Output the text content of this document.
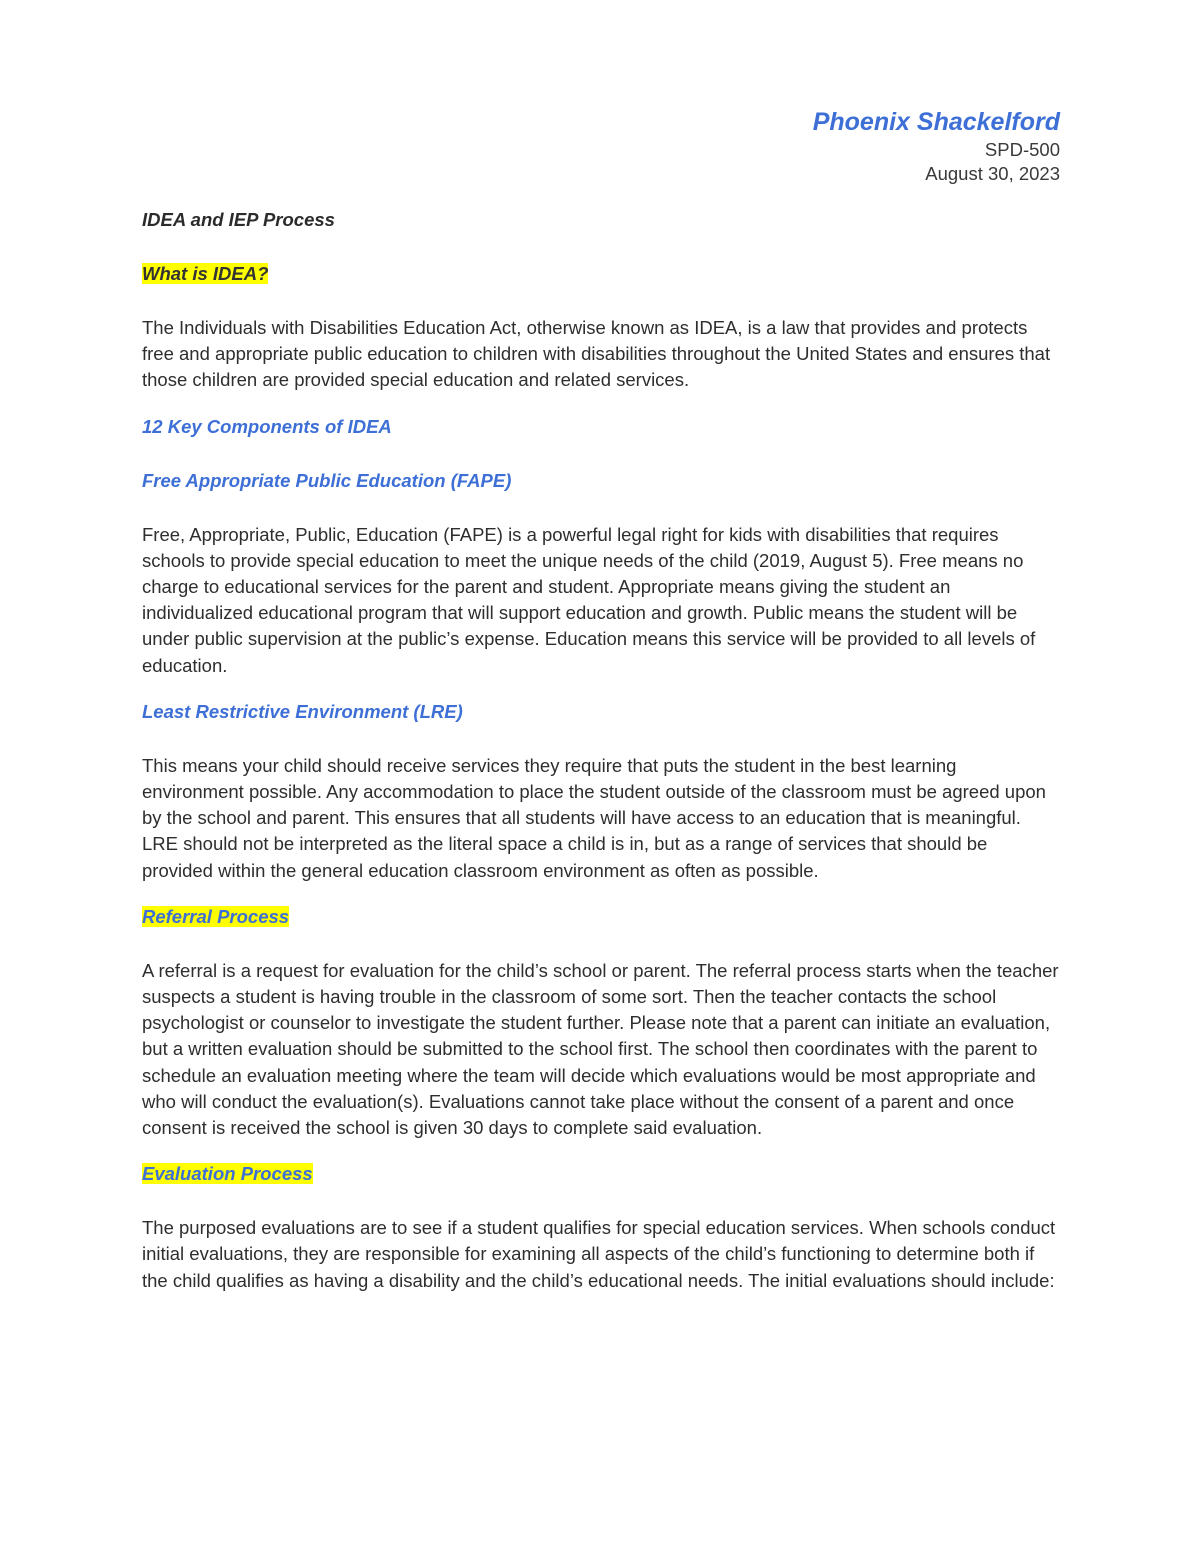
Phoenix Shackelford

SPD-500

August 30, 2023

IDEA and IEP Process
What is IDEA?

The Individuals with Disabilities Education Act, otherwise known as IDEA, is a law that provides and protects free and appropriate public education to children with disabilities throughout the United States and ensures that those children are provided special education and related services.

12 Key Components of IDEA
Free Appropriate Public Education (FAPE)

Free, Appropriate, Public, Education (FAPE) is a powerful legal right for kids with disabilities that requires schools to provide special education to meet the unique needs of the child (2019, August 5). Free means no charge to educational services for the parent and student. Appropriate means giving the student an individualized educational program that will support education and growth. Public means the student will be under public supervision at the public’s expense. Education means this service will be provided to all levels of education.

Least Restrictive Environment (LRE)

This means your child should receive services they require that puts the student in the best learning environment possible. Any accommodation to place the student outside of the classroom must be agreed upon by the school and parent. This ensures that all students will have access to an education that is meaningful. LRE should not be interpreted as the literal space a child is in, but as a range of services that should be provided within the general education classroom environment as often as possible.

Referral Process

A referral is a request for evaluation for the child’s school or parent. The referral process starts when the teacher suspects a student is having trouble in the classroom of some sort. Then the teacher contacts the school psychologist or counselor to investigate the student further. Please note that a parent can initiate an evaluation, but a written evaluation should be submitted to the school first. The school then coordinates with the parent to schedule an evaluation meeting where the team will decide which evaluations would be most appropriate and who will conduct the evaluation(s). Evaluations cannot take place without the consent of a parent and once consent is received the school is given 30 days to complete said evaluation.

Evaluation Process

The purposed evaluations are to see if a student qualifies for special education services. When schools conduct initial evaluations, they are responsible for examining all aspects of the child’s functioning to determine both if the child qualifies as having a disability and the child’s educational needs. The initial evaluations should include:
